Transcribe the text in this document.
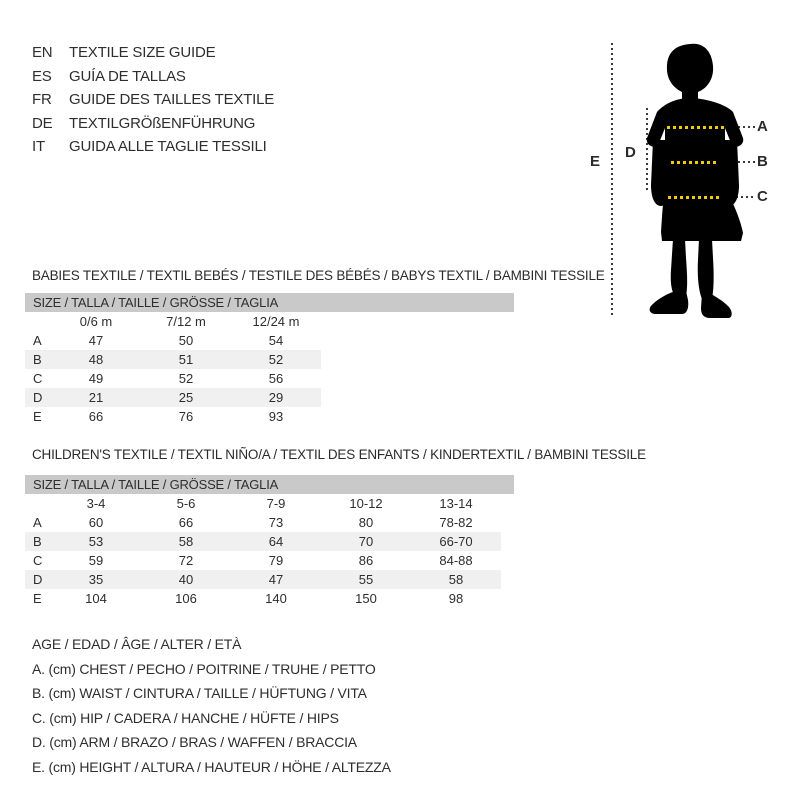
EN TEXTILE SIZE GUIDE
ES GUÍA DE TALLAS
FR GUIDE DES TAILLES TEXTILE
DE TEXTILGRÖßENFÜHRUNG
IT GUIDA ALLE TAGLIE TESSILI
E
D
A
B
C
BABIES TEXTILE / TEXTIL BEBÉS / TESTILE DES BÉBÉS / BABYS TEXTIL / BAMBINI TESSILE
SIZE / TALLA / TAILLE / GRÖSSE / TAGLIA
	0/6 m	7/12 m	12/24 m
A	47	50	54
B	48	51	52
C	49	52	56
D	21	25	29
E	66	76	93
CHILDREN'S TEXTILE / TEXTIL NIÑO/A / TEXTIL DES ENFANTS / KINDERTEXTIL / BAMBINI TESSILE
SIZE / TALLA / TAILLE / GRÖSSE / TAGLIA
	3-4	5-6	7-9	10-12	13-14
A	60	66	73	80	78-82
B	53	58	64	70	66-70
C	59	72	79	86	84-88
D	35	40	47	55	58
E	104	106	140	150	98
AGE / EDAD / ÂGE / ALTER / ETÀ
A. (cm) CHEST / PECHO / POITRINE / TRUHE / PETTO
B. (cm) WAIST / CINTURA / TAILLE / HÜFTUNG / VITA
C. (cm) HIP / CADERA / HANCHE / HÜFTE / HIPS
D. (cm) ARM / BRAZO / BRAS / WAFFEN / BRACCIA
E. (cm) HEIGHT / ALTURA / HAUTEUR / HÖHE / ALTEZZA
